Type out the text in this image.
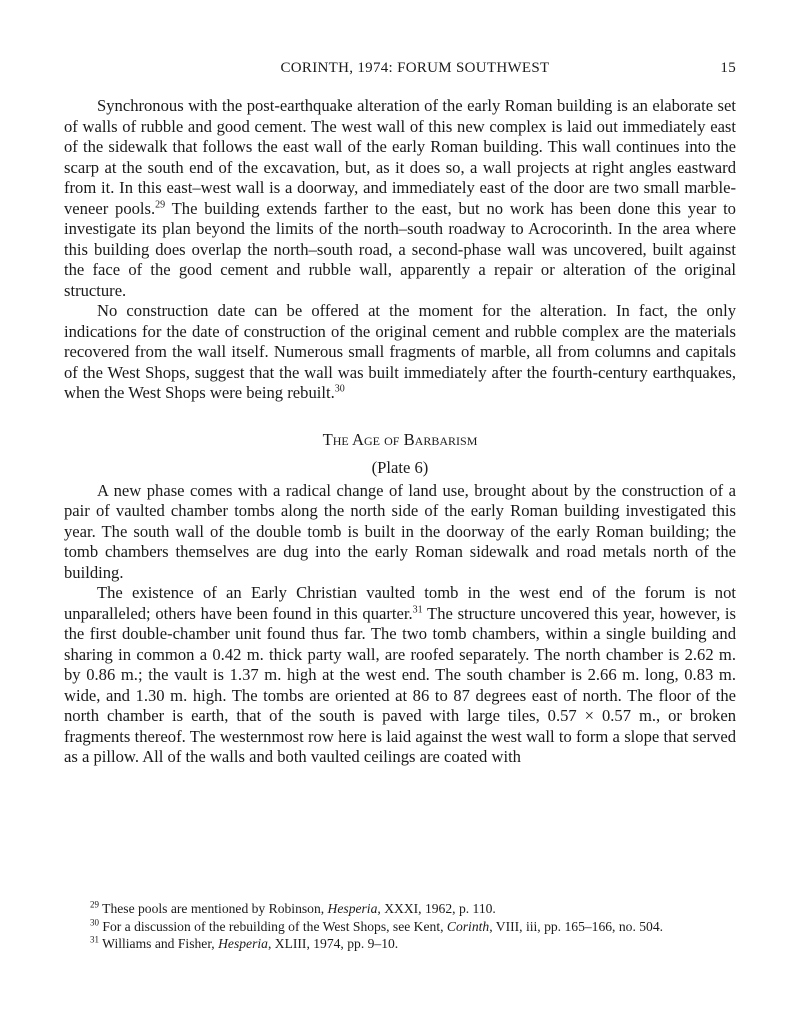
CORINTH, 1974: FORUM SOUTHWEST	15

Synchronous with the post-earthquake alteration of the early Roman building is an elaborate set of walls of rubble and good cement. The west wall of this new complex is laid out immediately east of the sidewalk that follows the east wall of the early Roman building. This wall continues into the scarp at the south end of the excavation, but, as it does so, a wall projects at right angles eastward from it. In this east–west wall is a doorway, and immediately east of the door are two small marble-veneer pools.$^{29}$ The building extends farther to the east, but no work has been done this year to investigate its plan beyond the limits of the north–south roadway to Acrocorinth. In the area where this building does overlap the north–south road, a second-phase wall was uncovered, built against the face of the good cement and rubble wall, apparently a repair or alteration of the original structure.

No construction date can be offered at the moment for the alteration. In fact, the only indications for the date of construction of the original cement and rubble complex are the materials recovered from the wall itself. Numerous small fragments of marble, all from columns and capitals of the West Shops, suggest that the wall was built immediately after the fourth-century earthquakes, when the West Shops were being rebuilt.$^{30}$

The Age of Barbarism

(Plate 6)

A new phase comes with a radical change of land use, brought about by the construction of a pair of vaulted chamber tombs along the north side of the early Roman building investigated this year. The south wall of the double tomb is built in the doorway of the early Roman building; the tomb chambers themselves are dug into the early Roman sidewalk and road metals north of the building.

The existence of an Early Christian vaulted tomb in the west end of the forum is not unparalleled; others have been found in this quarter.$^{31}$ The structure uncovered this year, however, is the first double-chamber unit found thus far. The two tomb chambers, within a single building and sharing in common a 0.42 m. thick party wall, are roofed separately. The north chamber is 2.62 m. by 0.86 m.; the vault is 1.37 m. high at the west end. The south chamber is 2.66 m. long, 0.83 m. wide, and 1.30 m. high. The tombs are oriented at 86 to 87 degrees east of north. The floor of the north chamber is earth, that of the south is paved with large tiles, 0.57 × 0.57 m., or broken fragments thereof. The westernmost row here is laid against the west wall to form a slope that served as a pillow. All of the walls and both vaulted ceilings are coated with

$^{29}$ These pools are mentioned by Robinson, Hesperia, XXXI, 1962, p. 110.

$^{30}$ For a discussion of the rebuilding of the West Shops, see Kent, Corinth, VIII, iii, pp. 165–166, no. 504.

$^{31}$ Williams and Fisher, Hesperia, XLIII, 1974, pp. 9–10.
